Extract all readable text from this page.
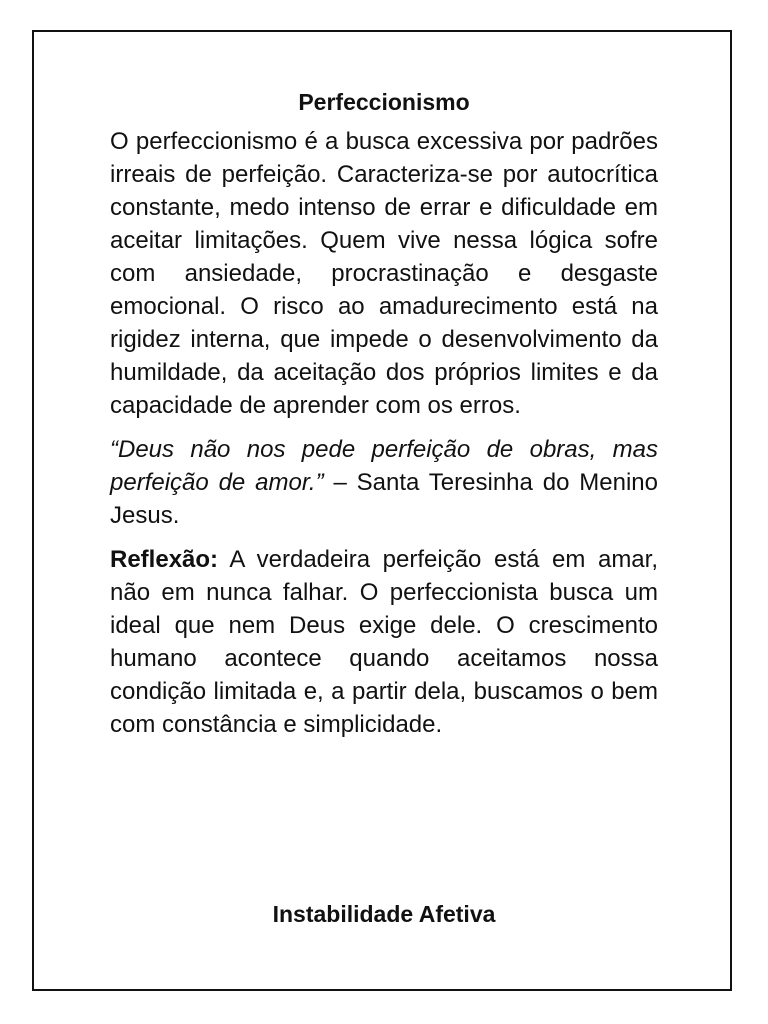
Perfeccionismo

O perfeccionismo é a busca excessiva por padrões irreais de perfeição. Caracteriza-se por autocrítica constante, medo intenso de errar e dificuldade em aceitar limitações. Quem vive nessa lógica sofre com ansiedade, procrastinação e desgaste emocional. O risco ao amadurecimento está na rigidez interna, que impede o desenvolvimento da humildade, da aceitação dos próprios limites e da capacidade de aprender com os erros.

“Deus não nos pede perfeição de obras, mas perfeição de amor.” – Santa Teresinha do Menino Jesus.

Reflexão: A verdadeira perfeição está em amar, não em nunca falhar. O perfeccionista busca um ideal que nem Deus exige dele. O crescimento humano acontece quando aceitamos nossa condição limitada e, a partir dela, buscamos o bem com constância e simplicidade.

Instabilidade Afetiva
